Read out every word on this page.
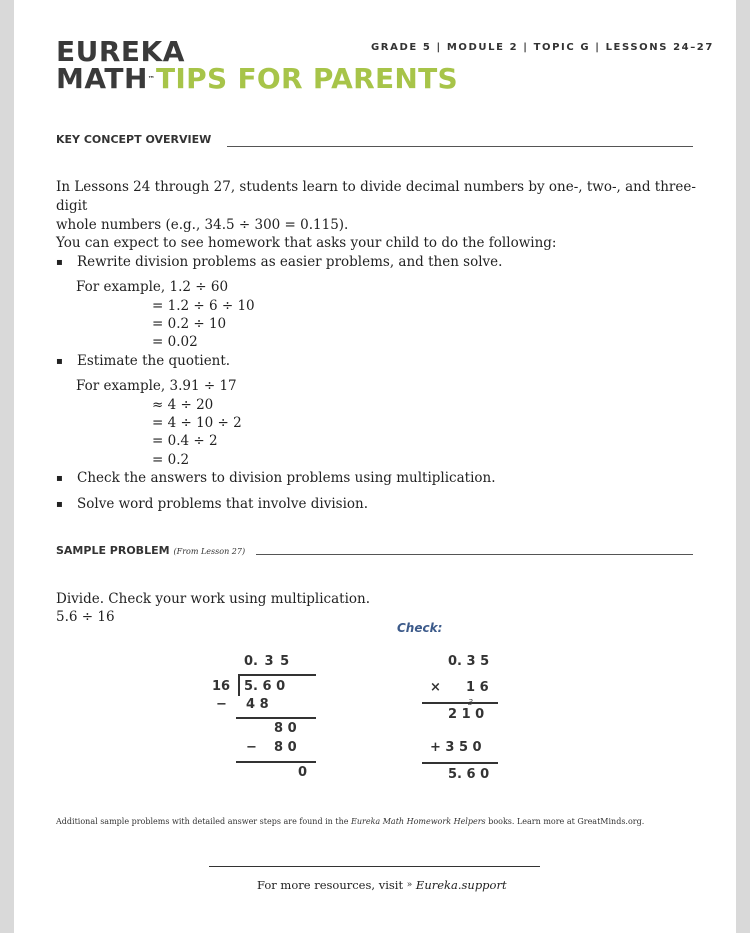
EUREKA
MATH™ TIPS FOR PARENTS
GRADE 5 | MODULE 2 | TOPIC G | LESSONS 24–27
KEY CONCEPT OVERVIEW
In Lessons 24 through 27, students learn to divide decimal numbers by one-, two-, and three-digit
whole numbers (e.g., 34.5 ÷ 300 = 0.115).
You can expect to see homework that asks your child to do the following:
▪ Rewrite division problems as easier problems, and then solve.
For example, 1.2 ÷ 60
= 1.2 ÷ 6 ÷ 10
= 0.2 ÷ 10
= 0.02
▪ Estimate the quotient.
For example, 3.91 ÷ 17
≈ 4 ÷ 20
= 4 ÷ 10 ÷ 2
= 0.4 ÷ 2
= 0.2
▪ Check the answers to division problems using multiplication.
▪ Solve word problems that involve division.
SAMPLE PROBLEM (From Lesson 27)
Divide. Check your work using multiplication.
5.6 ÷ 16
Check:
0. 3 5
16 5. 6 0
− 4 8
8 0
− 8 0
0
0. 3 5
× 1 6
3
2 1 0
+ 3 5 0
5. 6 0
Additional sample problems with detailed answer steps are found in the Eureka Math Homework Helpers books. Learn more at GreatMinds.org.
For more resources, visit » Eureka.support
